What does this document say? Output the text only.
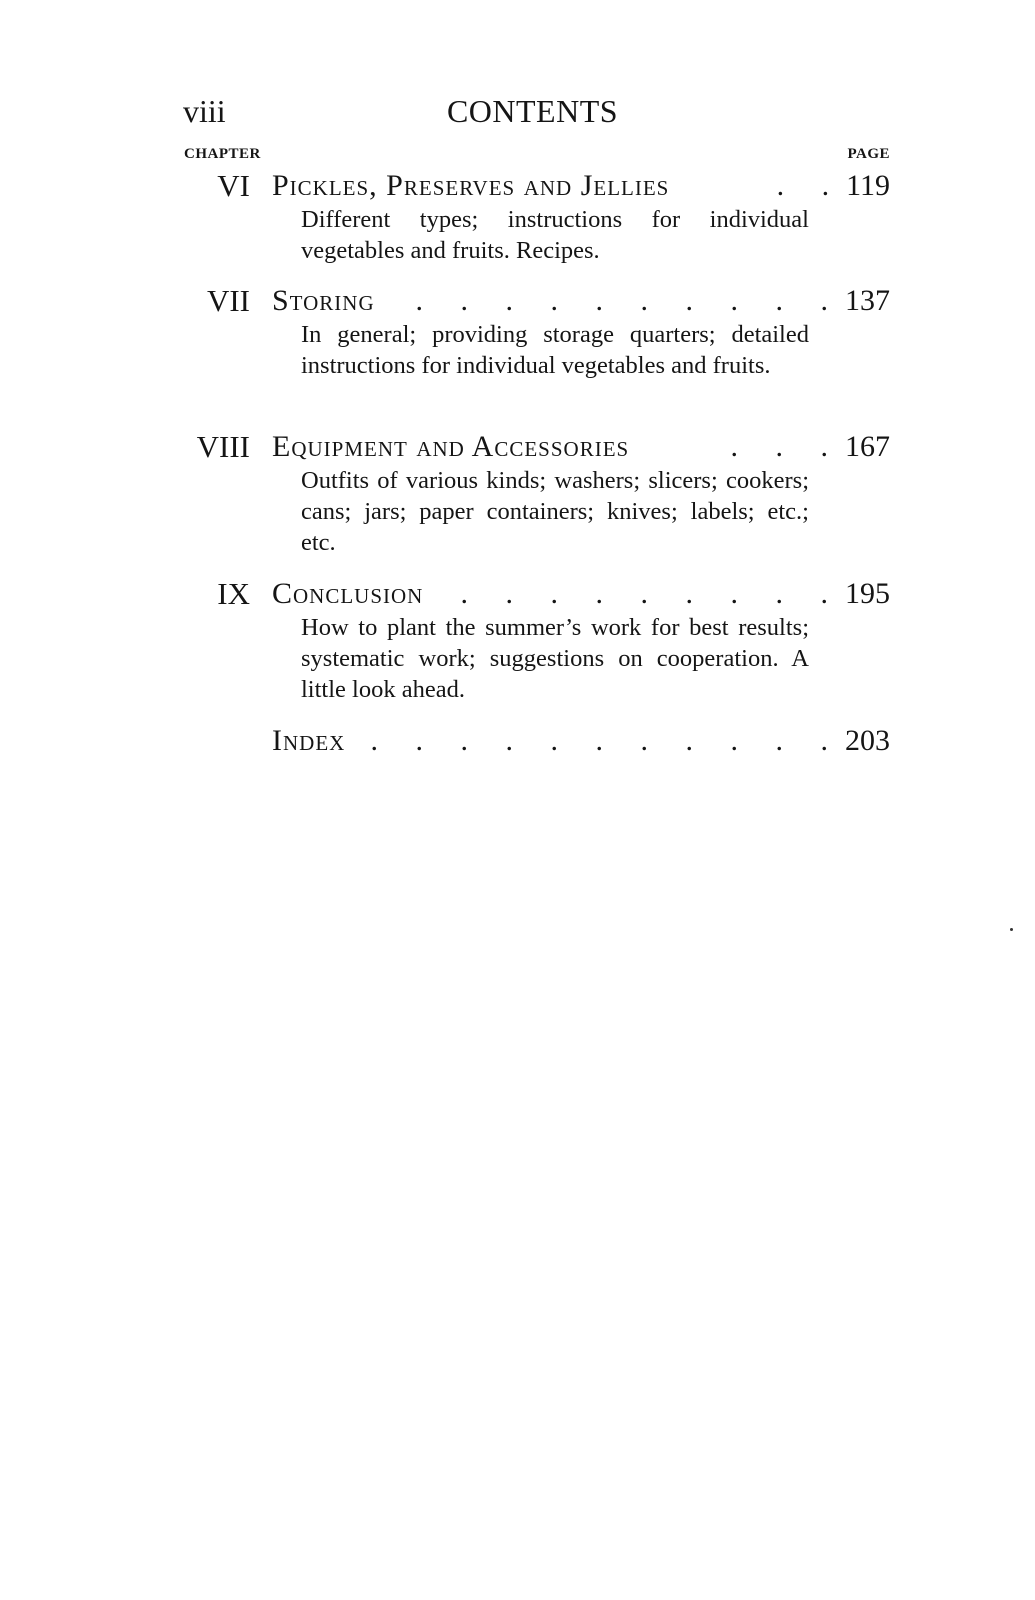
viii	CONTENTS
CHAPTER	PAGE
VI Pickles, Preserves and Jellies	. . 119

Different types; instructions for individual vegetables and fruits. Recipes.

VII Storing	. . . . . . . . . . 137

In general; providing storage quarters; detailed instructions for individual vegetables and fruits.

VIII Equipment and Accessories	. . . 167

Outfits of various kinds; washers; slicers; cookers; cans; jars; paper containers; knives; labels; etc.; etc.

IX Conclusion	. . . . . . . . . 195

How to plant the summer’s work for best results; systematic work; suggestions on cooperation. A little look ahead.

Index . . . . . . . . . . . 203
